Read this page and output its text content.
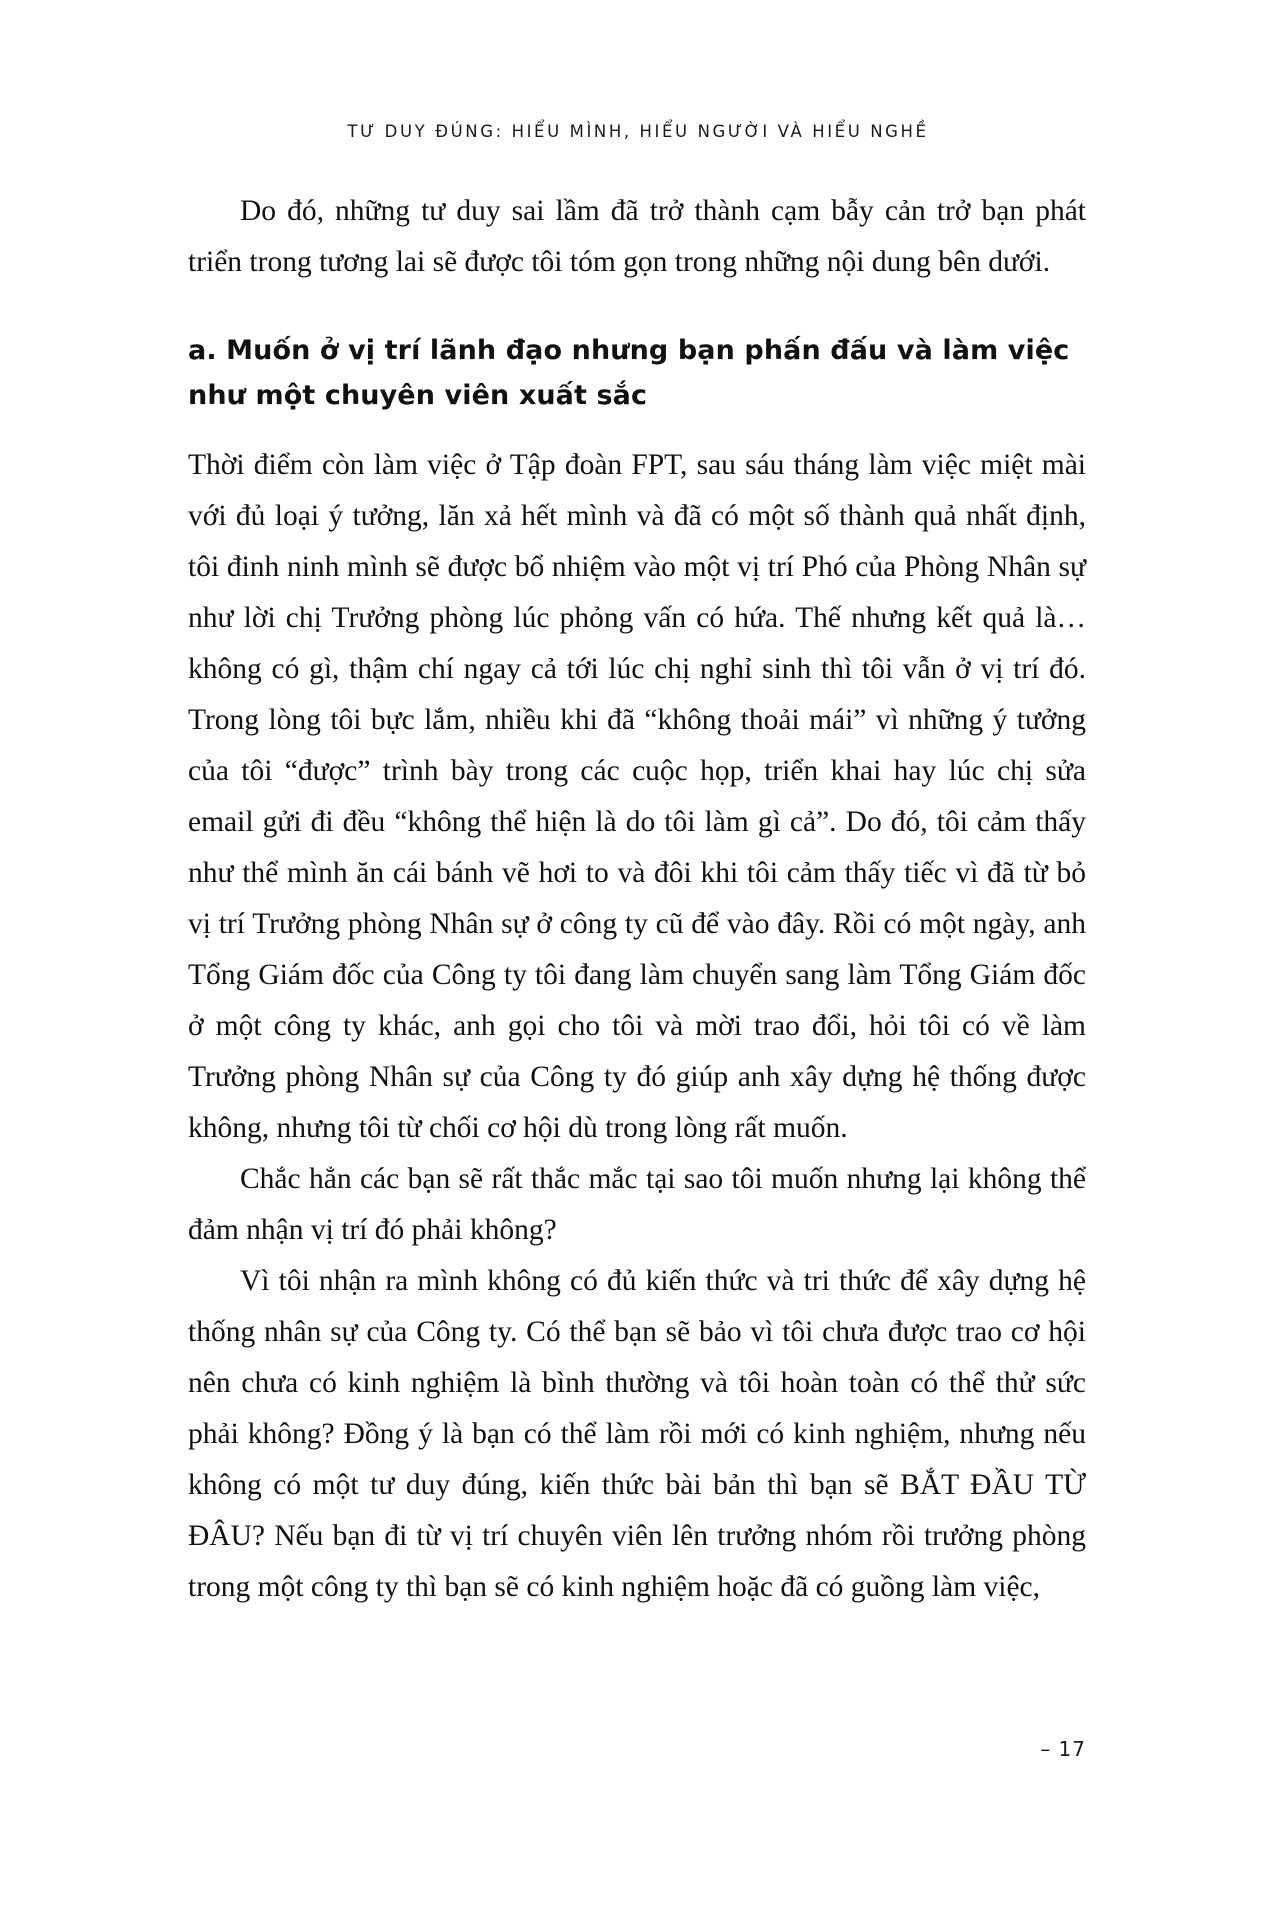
TƯ DUY ĐÚNG: HIỂU MÌNH, HIỂU NGƯỜI VÀ HIỂU NGHỀ

Do đó, những tư duy sai lầm đã trở thành cạm bẫy cản trở bạn phát triển trong tương lai sẽ được tôi tóm gọn trong những nội dung bên dưới.

a. Muốn ở vị trí lãnh đạo nhưng bạn phấn đấu và làm việc như một chuyên viên xuất sắc

Thời điểm còn làm việc ở Tập đoàn FPT, sau sáu tháng làm việc miệt mài với đủ loại ý tưởng, lăn xả hết mình và đã có một số thành quả nhất định, tôi đinh ninh mình sẽ được bổ nhiệm vào một vị trí Phó của Phòng Nhân sự như lời chị Trưởng phòng lúc phỏng vấn có hứa. Thế nhưng kết quả là… không có gì, thậm chí ngay cả tới lúc chị nghỉ sinh thì tôi vẫn ở vị trí đó. Trong lòng tôi bực lắm, nhiều khi đã “không thoải mái” vì những ý tưởng của tôi “được” trình bày trong các cuộc họp, triển khai hay lúc chị sửa email gửi đi đều “không thể hiện là do tôi làm gì cả”. Do đó, tôi cảm thấy như thể mình ăn cái bánh vẽ hơi to và đôi khi tôi cảm thấy tiếc vì đã từ bỏ vị trí Trưởng phòng Nhân sự ở công ty cũ để vào đây. Rồi có một ngày, anh Tổng Giám đốc của Công ty tôi đang làm chuyển sang làm Tổng Giám đốc ở một công ty khác, anh gọi cho tôi và mời trao đổi, hỏi tôi có về làm Trưởng phòng Nhân sự của Công ty đó giúp anh xây dựng hệ thống được không, nhưng tôi từ chối cơ hội dù trong lòng rất muốn.

Chắc hẳn các bạn sẽ rất thắc mắc tại sao tôi muốn nhưng lại không thể đảm nhận vị trí đó phải không?

Vì tôi nhận ra mình không có đủ kiến thức và tri thức để xây dựng hệ thống nhân sự của Công ty. Có thể bạn sẽ bảo vì tôi chưa được trao cơ hội nên chưa có kinh nghiệm là bình thường và tôi hoàn toàn có thể thử sức phải không? Đồng ý là bạn có thể làm rồi mới có kinh nghiệm, nhưng nếu không có một tư duy đúng, kiến thức bài bản thì bạn sẽ BẮT ĐẦU TỪ ĐÂU? Nếu bạn đi từ vị trí chuyên viên lên trưởng nhóm rồi trưởng phòng trong một công ty thì bạn sẽ có kinh nghiệm hoặc đã có guồng làm việc,

– 17
